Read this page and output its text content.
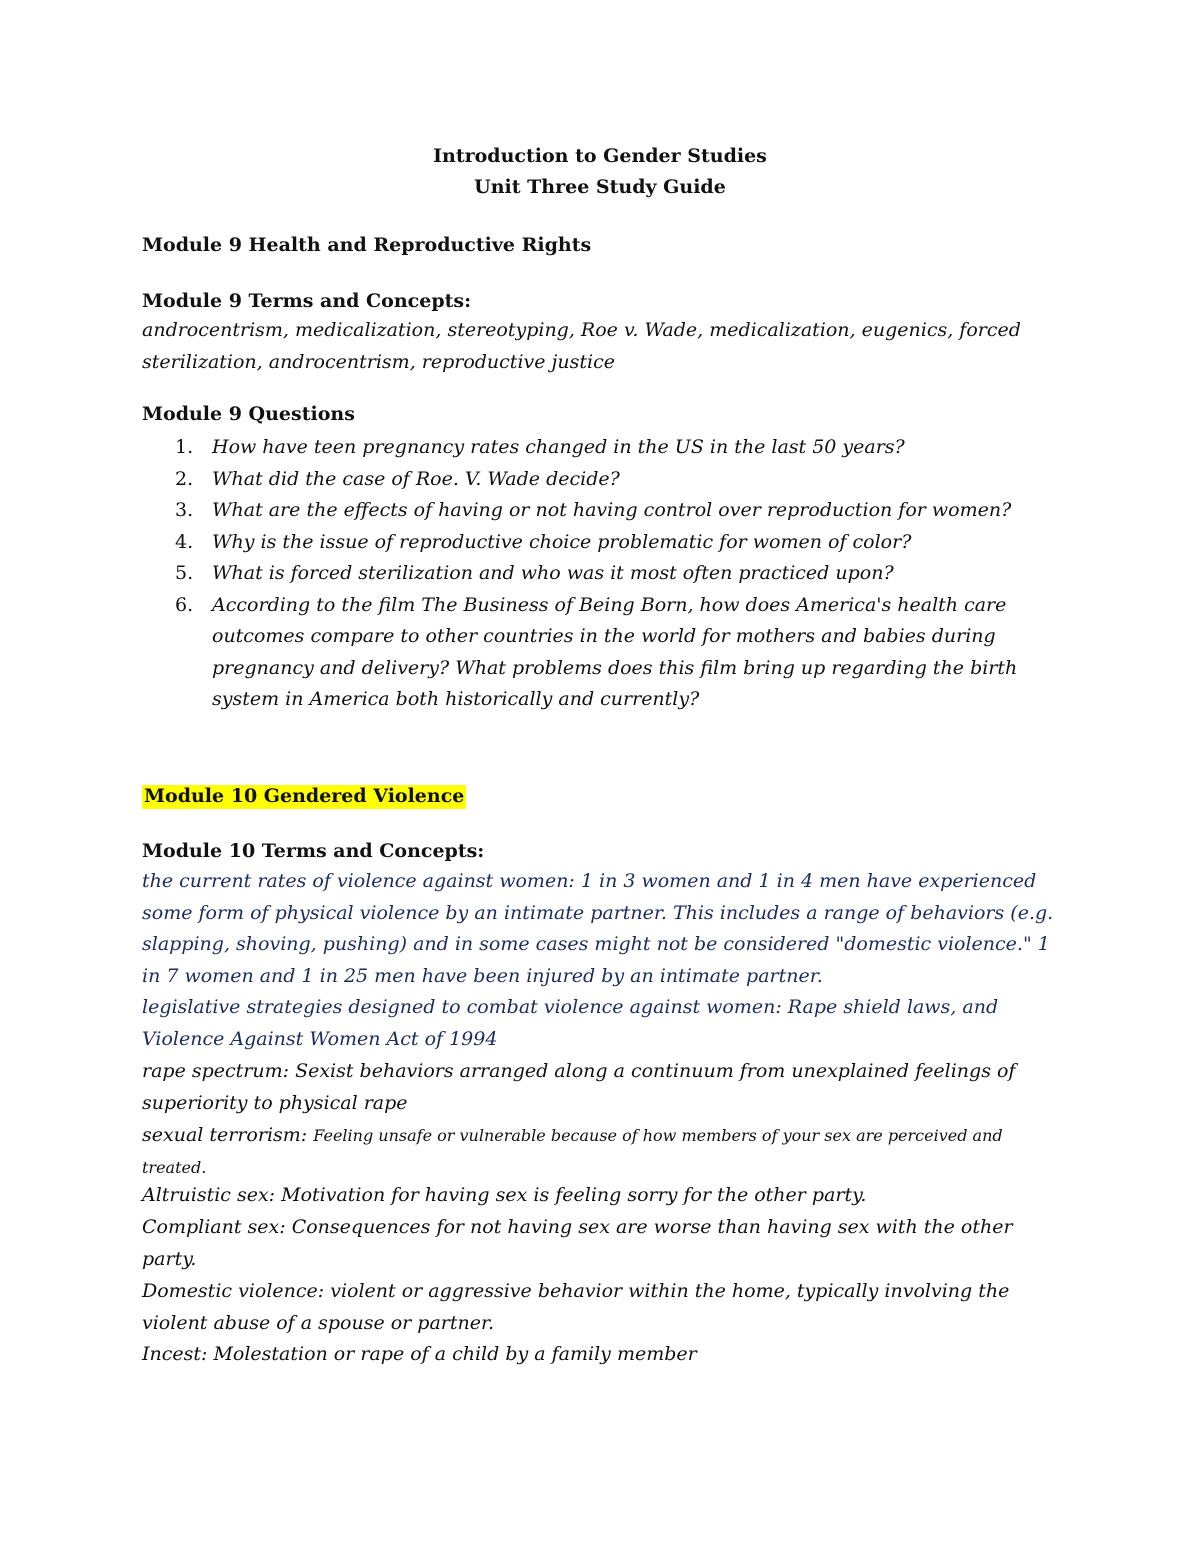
Introduction to Gender Studies

Unit Three Study Guide

Module 9 Health and Reproductive Rights

Module 9 Terms and Concepts:

androcentrism, medicalization, stereotyping, Roe v. Wade, medicalization, eugenics, forced
sterilization, androcentrism, reproductive justice

Module 9 Questions

1. How have teen pregnancy rates changed in the US in the last 50 years?
2. What did the case of Roe. V. Wade decide?
3. What are the effects of having or not having control over reproduction for women?
4. Why is the issue of reproductive choice problematic for women of color?
5. What is forced sterilization and who was it most often practiced upon?
6. According to the film The Business of Being Born, how does America's health care outcomes compare to other countries in the world for mothers and babies during pregnancy and delivery? What problems does this film bring up regarding the birth system in America both historically and currently?

Module 10 Gendered Violence

Module 10 Terms and Concepts:

the current rates of violence against women: 1 in 3 women and 1 in 4 men have experienced
some form of physical violence by an intimate partner. This includes a range of behaviors (e.g.
slapping, shoving, pushing) and in some cases might not be considered "domestic violence." 1
in 7 women and 1 in 25 men have been injured by an intimate partner.

legislative strategies designed to combat violence against women: Rape shield laws, and
Violence Against Women Act of 1994

rape spectrum: Sexist behaviors arranged along a continuum from unexplained feelings of
superiority to physical rape

sexual terrorism: Feeling unsafe or vulnerable because of how members of your sex are perceived and
treated.

Altruistic sex: Motivation for having sex is feeling sorry for the other party.

Compliant sex: Consequences for not having sex are worse than having sex with the other
party.

Domestic violence: violent or aggressive behavior within the home, typically involving the
violent abuse of a spouse or partner.

Incest: Molestation or rape of a child by a family member
